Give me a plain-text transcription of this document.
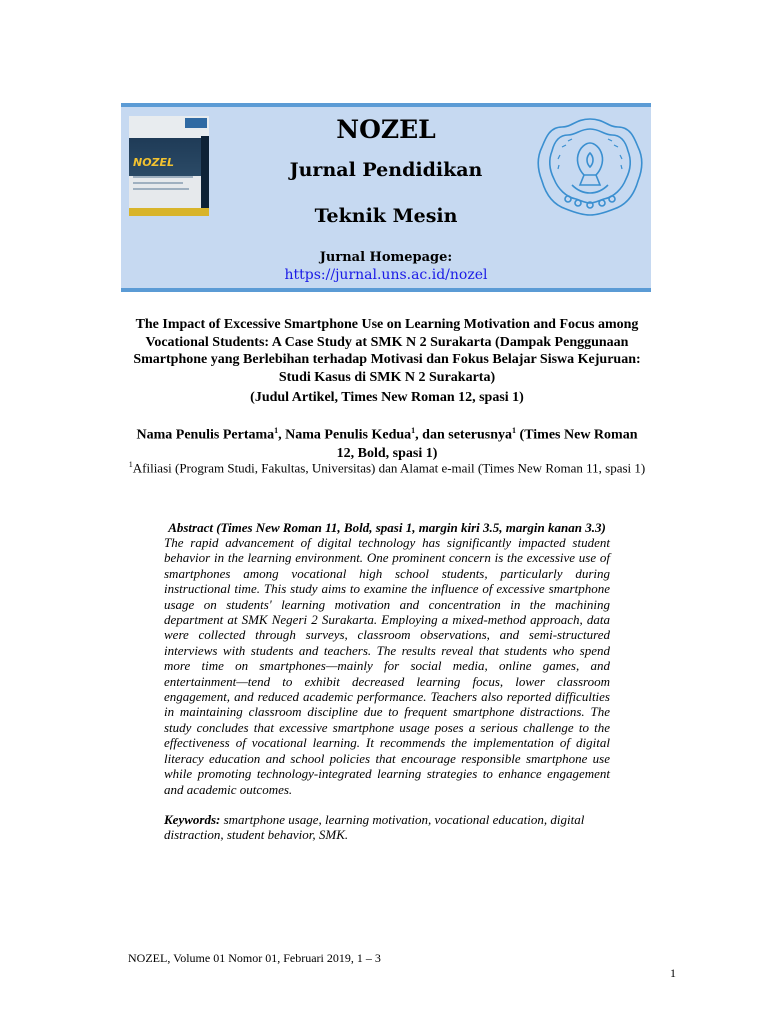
NOZEL
NOZEL
Jurnal Pendidikan
Teknik Mesin
Jurnal Homepage:
https://jurnal.uns.ac.id/nozel
The Impact of Excessive Smartphone Use on Learning Motivation and Focus among Vocational Students: A Case Study at SMK N 2 Surakarta (Dampak Penggunaan Smartphone yang Berlebihan terhadap Motivasi dan Fokus Belajar Siswa Kejuruan: Studi Kasus di SMK N 2 Surakarta)
(Judul Artikel, Times New Roman 12, spasi 1)
Nama Penulis Pertama$^1$, Nama Penulis Kedua$^1$, dan seterusnya$^1$ (Times New Roman 12, Bold, spasi 1)
$^1$Afiliasi (Program Studi, Fakultas, Universitas) dan Alamat e-mail (Times New Roman 11, spasi 1)
Abstract (Times New Roman 11, Bold, spasi 1, margin kiri 3.5, margin kanan 3.3)
The rapid advancement of digital technology has significantly impacted student behavior in the learning environment. One prominent concern is the excessive use of smartphones among vocational high school students, particularly during instructional time. This study aims to examine the influence of excessive smartphone usage on students' learning motivation and concentration in the machining department at SMK Negeri 2 Surakarta. Employing a mixed-method approach, data were collected through surveys, classroom observations, and semi-structured interviews with students and teachers. The results reveal that students who spend more time on smartphones—mainly for social media, online games, and entertainment—tend to exhibit decreased learning focus, lower classroom engagement, and reduced academic performance. Teachers also reported difficulties in maintaining classroom discipline due to frequent smartphone distractions. The study concludes that excessive smartphone usage poses a serious challenge to the effectiveness of vocational learning. It recommends the implementation of digital literacy education and school policies that encourage responsible smartphone use while promoting technology-integrated learning strategies to enhance engagement and academic outcomes.
Keywords: smartphone usage, learning motivation, vocational education, digital distraction, student behavior, SMK.
NOZEL, Volume 01 Nomor 01, Februari 2019, 1 – 3
1
